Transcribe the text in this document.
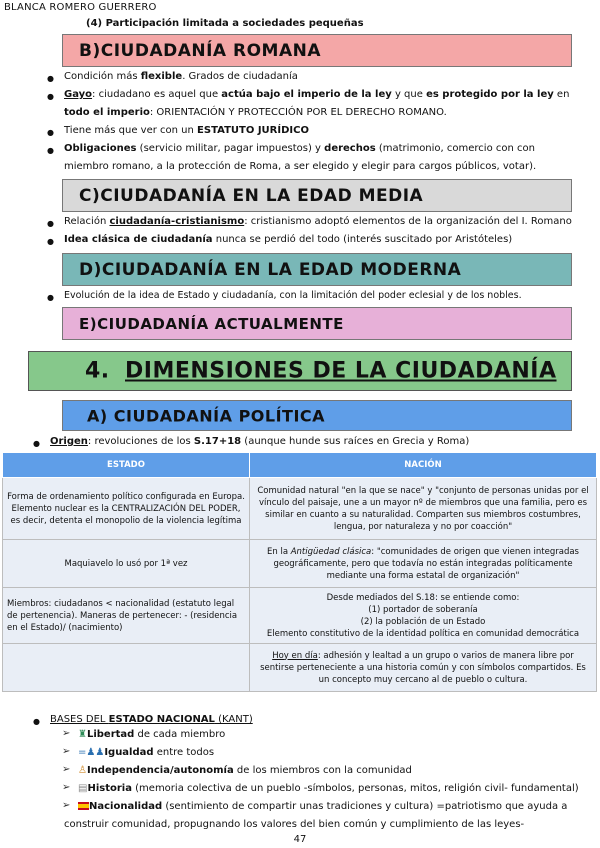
BLANCA ROMERO GUERRERO
(4) Participación limitada a sociedades pequeñas
B)CIUDADANÍA ROMANA
● Condición más flexible. Grados de ciudadanía
● Gayo: ciudadano es aquel que actúa bajo el imperio de la ley y que es protegido por la ley en
todo el imperio: ORIENTACIÓN Y PROTECCIÓN POR EL DERECHO ROMANO.
● Tiene más que ver con un ESTATUTO JURÍDICO
● Obligaciones (servicio militar, pagar impuestos) y derechos (matrimonio, comercio con con
miembro romano, a la protección de Roma, a ser elegido y elegir para cargos públicos, votar).
C)CIUDADANÍA EN LA EDAD MEDIA
● Relación ciudadanía-cristianismo: cristianismo adoptó elementos de la organización del I. Romano
● Idea clásica de ciudadanía nunca se perdió del todo (interés suscitado por Aristóteles)
D)CIUDADANÍA EN LA EDAD MODERNA
● Evolución de la idea de Estado y ciudadanía, con la limitación del poder eclesial y de los nobles.
E)CIUDADANÍA ACTUALMENTE
4. DIMENSIONES DE LA CIUDADANÍA
A) CIUDADANÍA POLÍTICA
● Origen: revoluciones de los S.17+18 (aunque hunde sus raíces en Grecia y Roma)
ESTADO	NACIÓN
Forma de ordenamiento político configurada en Europa. Elemento nuclear es la CENTRALIZACIÓN DEL PODER, es decir, detenta el monopolio de la violencia legítima	Comunidad natural "en la que se nace" y "conjunto de personas unidas por el vínculo del paisaje, une a un mayor nº de miembros que una familia, pero es similar en cuanto a su naturalidad. Comparten sus miembros costumbres, lengua, por naturaleza y no por coacción"
Maquiavelo lo usó por 1ª vez	En la Antigüedad clásica: "comunidades de origen que vienen integradas geográficamente, pero que todavía no están integradas políticamente mediante una forma estatal de organización"
Miembros: ciudadanos < nacionalidad (estatuto legal de pertenencia). Maneras de pertenecer: - (residencia en el Estado)/ (nacimiento)	Desde mediados del S.18: se entiende como:
(1) portador de soberanía
(2) la población de un Estado
Elemento constitutivo de la identidad política en comunidad democrática

	Hoy en día: adhesión y lealtad a un grupo o varios de manera libre por sentirse perteneciente a una historia común y con símbolos compartidos. Es un concepto muy cercano al de pueblo o cultura.
● BASES DEL ESTADO NACIONAL (KANT)
➢ ♜Libertad de cada miembro
➢ =♟♟Igualdad entre todos
➢ ♙Independencia/autonomía de los miembros con la comunidad
➢ ▤Historia (memoria colectiva de un pueblo -símbolos, personas, mitos, religión civil- fundamental)
➢	Nacionalidad (sentimiento de compartir unas tradiciones y cultura) =patriotismo que ayuda a
construir comunidad, propugnando los valores del bien común y cumplimiento de las leyes-
47
